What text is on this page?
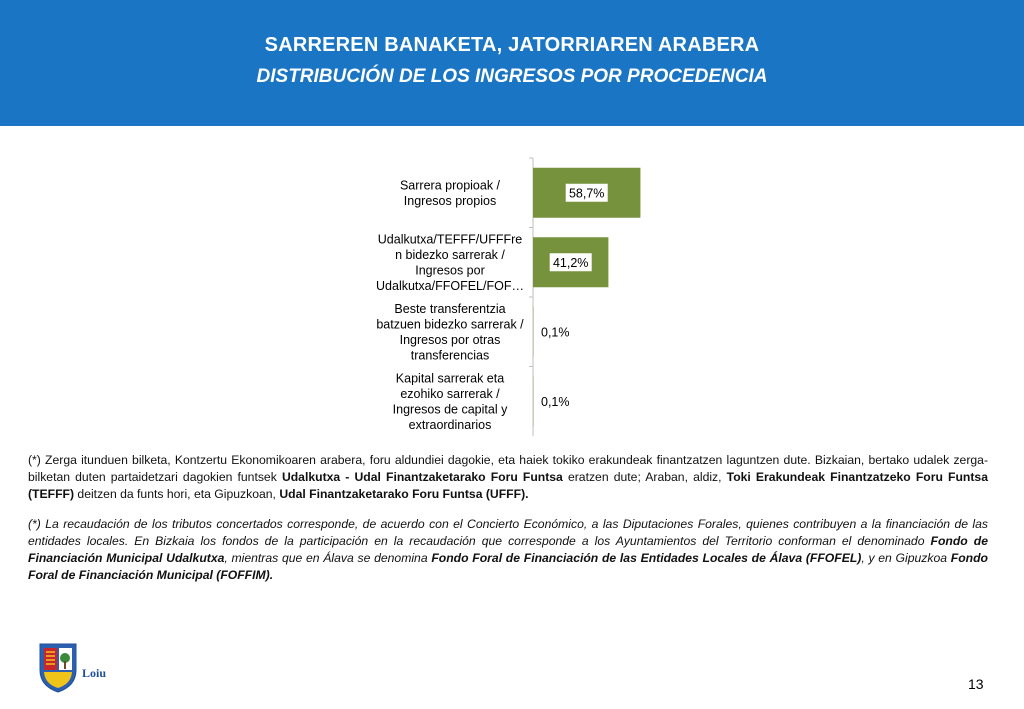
SARREREN BANAKETA, JATORRIAREN ARABERA
DISTRIBUCIÓN DE LOS INGRESOS POR PROCEDENCIA
58,7%
Sarrera propioak / Ingresos propios
41,2%
Udalkutxa/TEFFF/UFFFre n bidezko sarrerak / Ingresos por Udalkutxa/FFOFEL/FOF…
0,1%
Beste transferentzia batzuen bidezko sarrerak / Ingresos por otras transferencias
0,1%
Kapital sarrerak eta ezohiko sarrerak / Ingresos de capital y extraordinarios
(*) Zerga itunduen bilketa, Kontzertu Ekonomikoaren arabera, foru aldundiei dagokie, eta haiek tokiko erakundeak finantzatzen laguntzen dute. Bizkaian, bertako udalek zerga-bilketan duten partaidetzari dagokien funtsek Udalkutxa - Udal Finantzaketarako Foru Funtsa eratzen dute; Araban, aldiz, Toki Erakundeak Finantzatzeko Foru Funtsa (TEFFF) deitzen da funts hori, eta Gipuzkoan, Udal Finantzaketarako Foru Funtsa (UFFF).
(*) La recaudación de los tributos concertados corresponde, de acuerdo con el Concierto Económico, a las Diputaciones Forales, quienes contribuyen a la financiación de las entidades locales. En Bizkaia los fondos de la participación en la recaudación que corresponde a los Ayuntamientos del Territorio conforman el denominado Fondo de Financiación Municipal Udalkutxa, mientras que en Álava se denomina Fondo Foral de Financiación de las Entidades Locales de Álava (FFOFEL), y en Gipuzkoa Fondo Foral de Financiación Municipal (FOFFIM).
Loiu
13
